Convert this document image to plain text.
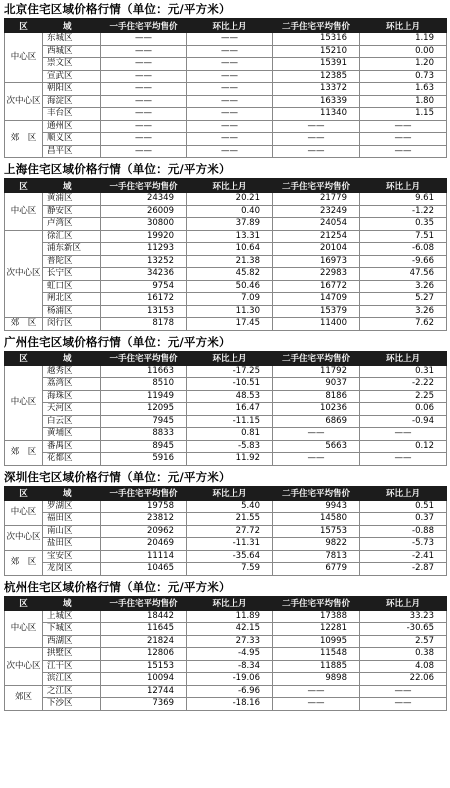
北京住宅区域价格行情（单位：元/平方米）
区	域	一手住宅平均售价	环比上月	二手住宅平均售价	环比上月
中心区	东城区	——	——	15316	1.19
	西城区	——	——	15210	0.00
	崇文区	——	——	15391	1.20
	宣武区	——	——	12385	0.73
次中心区	朝阳区	——	——	13372	1.63
	海淀区	——	——	16339	1.80
	丰台区	——	——	11340	1.15
郊　区	通州区	——	——	——	——
	顺义区	——	——	——	——
	昌平区	——	——	——	——
上海住宅区域价格行情（单位：元/平方米）
区	域	一手住宅平均售价	环比上月	二手住宅平均售价	环比上月
中心区	黄浦区	24349	20.21	21779	9.61
	静安区	26009	0.40	23249	-1.22
	卢湾区	30800	37.89	24054	0.35
次中心区	徐汇区	19920	13.31	21254	7.51
	浦东新区	11293	10.64	20104	-6.08
	普陀区	13252	21.38	16973	-9.66
	长宁区	34236	45.82	22983	47.56
	虹口区	9754	50.46	16772	3.26
	闸北区	16172	7.09	14709	5.27
	杨浦区	13153	11.30	15379	3.26
郊　区	闵行区	8178	17.45	11400	7.62
广州住宅区域价格行情（单位：元/平方米）
区	域	一手住宅平均售价	环比上月	二手住宅平均售价	环比上月
中心区	越秀区	11663	-17.25	11792	0.31
	荔湾区	8510	-10.51	9037	-2.22
	海珠区	11949	48.53	8186	2.25
	天河区	12095	16.47	10236	0.06
	白云区	7945	-11.15	6869	-0.94
	黄埔区	8833	0.81	——	——
郊　区	番禺区	8945	-5.83	5663	0.12
	花都区	5916	11.92	——	——
深圳住宅区域价格行情（单位：元/平方米）
区	域	一手住宅平均售价	环比上月	二手住宅平均售价	环比上月
中心区	罗湖区	19758	5.40	9943	0.51
	福田区	23812	21.55	14580	0.37
次中心区	南山区	20962	27.72	15753	-0.88
	盐田区	20469	-11.31	9822	-5.73
郊　区	宝安区	11114	-35.64	7813	-2.41
	龙岗区	10465	7.59	6779	-2.87
杭州住宅区域价格行情（单位：元/平方米）
区	域	一手住宅平均售价	环比上月	二手住宅平均售价	环比上月
中心区	上城区	18442	11.89	17388	33.23
	下城区	11645	42.15	12281	-30.65
	西湖区	21824	27.33	10995	2.57
次中心区	拱墅区	12806	-4.95	11548	0.38
	江干区	15153	-8.34	11885	4.08
	滨江区	10094	-19.06	9898	22.06
郊区	之江区	12744	-6.96	——	——
	下沙区	7369	-18.16	——	——
